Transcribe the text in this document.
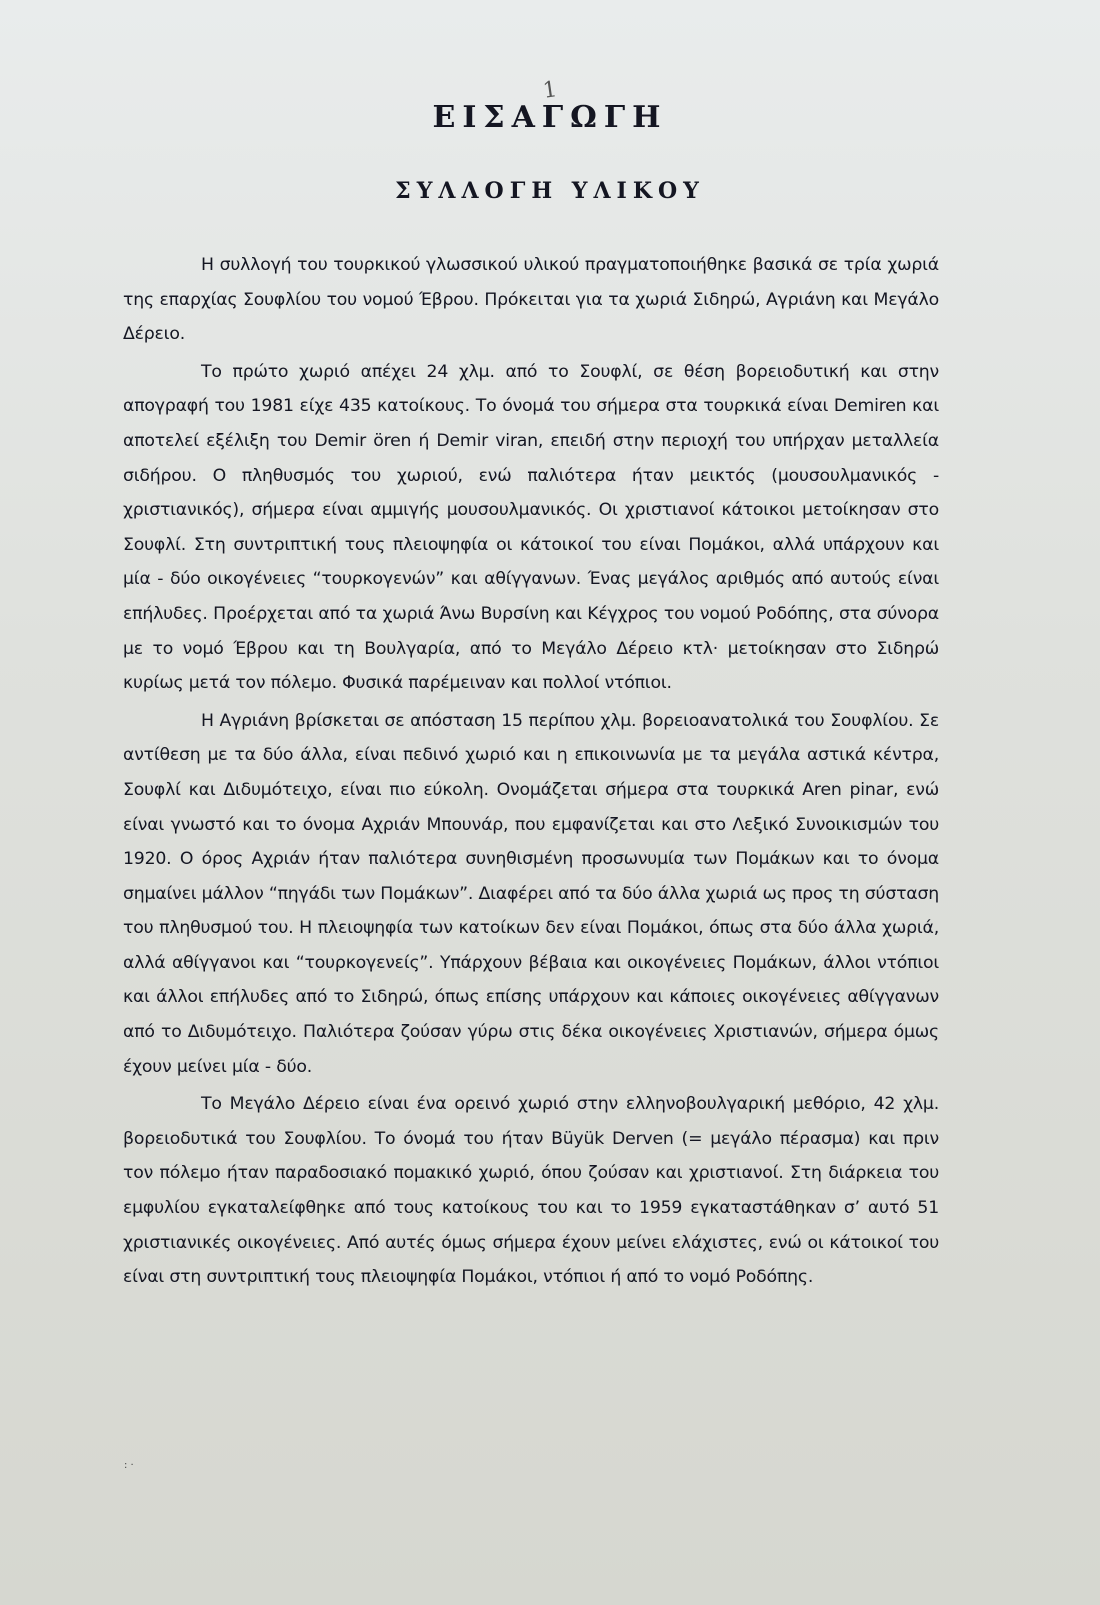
1
ΕΙΣΑΓΩΓΗ
ΣΥΛΛΟΓΗ ΥΛΙΚΟΥ

Η συλλογή του τουρκικού γλωσσικού υλικού πραγματοποιήθηκε βασικά σε τρία χωριά της επαρχίας Σουφλίου του νομού Έβρου. Πρόκειται για τα χωριά Σιδηρώ, Αγριάνη και Μεγάλο Δέρειο.

Το πρώτο χωριό απέχει 24 χλμ. από το Σουφλί, σε θέση βορειοδυτική και στην απογραφή του 1981 είχε 435 κατοίκους. Το όνομά του σήμερα στα τουρκικά είναι Demiren και αποτελεί εξέλιξη του Demir ören ή Demir viran, επειδή στην περιοχή του υπήρχαν μεταλλεία σιδήρου. Ο πληθυσμός του χωριού, ενώ παλιότερα ήταν μεικτός (μουσουλμανικός - χριστιανικός), σήμερα είναι αμμιγής μουσουλμανικός. Οι χριστιανοί κάτοικοι μετοίκησαν στο Σουφλί. Στη συντριπτική τους πλειοψηφία οι κάτοικοί του είναι Πομάκοι, αλλά υπάρχουν και μία - δύο οικογένειες “τουρκογενών” και αθίγγανων. Ένας μεγάλος αριθμός από αυτούς είναι επήλυδες. Προέρχεται από τα χωριά Άνω Βυρσίνη και Κέγχρος του νομού Ροδόπης, στα σύνορα με το νομό Έβρου και τη Βουλγαρία, από το Μεγάλο Δέρειο κτλ· μετοίκησαν στο Σιδηρώ κυρίως μετά τον πόλεμο. Φυσικά παρέμειναν και πολλοί ντόπιοι.

Η Αγριάνη βρίσκεται σε απόσταση 15 περίπου χλμ. βορειοανατολικά του Σουφλίου. Σε αντίθεση με τα δύο άλλα, είναι πεδινό χωριό και η επικοινωνία με τα μεγάλα αστικά κέντρα, Σουφλί και Διδυμότειχο, είναι πιο εύκολη. Ονομάζεται σήμερα στα τουρκικά Aren pinar, ενώ είναι γνωστό και το όνομα Αχριάν Μπουνάρ, που εμφανίζεται και στο Λεξικό Συνοικισμών του 1920. Ο όρος Αχριάν ήταν παλιότερα συνηθισμένη προσωνυμία των Πομάκων και το όνομα σημαίνει μάλλον “πηγάδι των Πομάκων”. Διαφέρει από τα δύο άλλα χωριά ως προς τη σύσταση του πληθυσμού του. Η πλειοψηφία των κατοίκων δεν είναι Πομάκοι, όπως στα δύο άλλα χωριά, αλλά αθίγγανοι και “τουρκογενείς”. Υπάρχουν βέβαια και οικογένειες Πομάκων, άλλοι ντόπιοι και άλλοι επήλυδες από το Σιδηρώ, όπως επίσης υπάρχουν και κάποιες οικογένειες αθίγγανων από το Διδυμότειχο. Παλιότερα ζούσαν γύρω στις δέκα οικογένειες Χριστιανών, σήμερα όμως έχουν μείνει μία - δύο.

Το Μεγάλο Δέρειο είναι ένα ορεινό χωριό στην ελληνοβουλγαρική μεθόριο, 42 χλμ. βορειοδυτικά του Σουφλίου. Το όνομά του ήταν Büyük Derven (= μεγάλο πέρασμα) και πριν τον πόλεμο ήταν παραδοσιακό πομακικό χωριό, όπου ζούσαν και χριστιανοί. Στη διάρκεια του εμφυλίου εγκαταλείφθηκε από τους κατοίκους του και το 1959 εγκαταστάθηκαν σ’ αυτό 51 χριστιανικές οικογένειες. Από αυτές όμως σήμερα έχουν μείνει ελάχιστες, ενώ οι κάτοικοί του είναι στη συντριπτική τους πλειοψηφία Πομάκοι, ντόπιοι ή από το νομό Ροδόπης.

: ·
